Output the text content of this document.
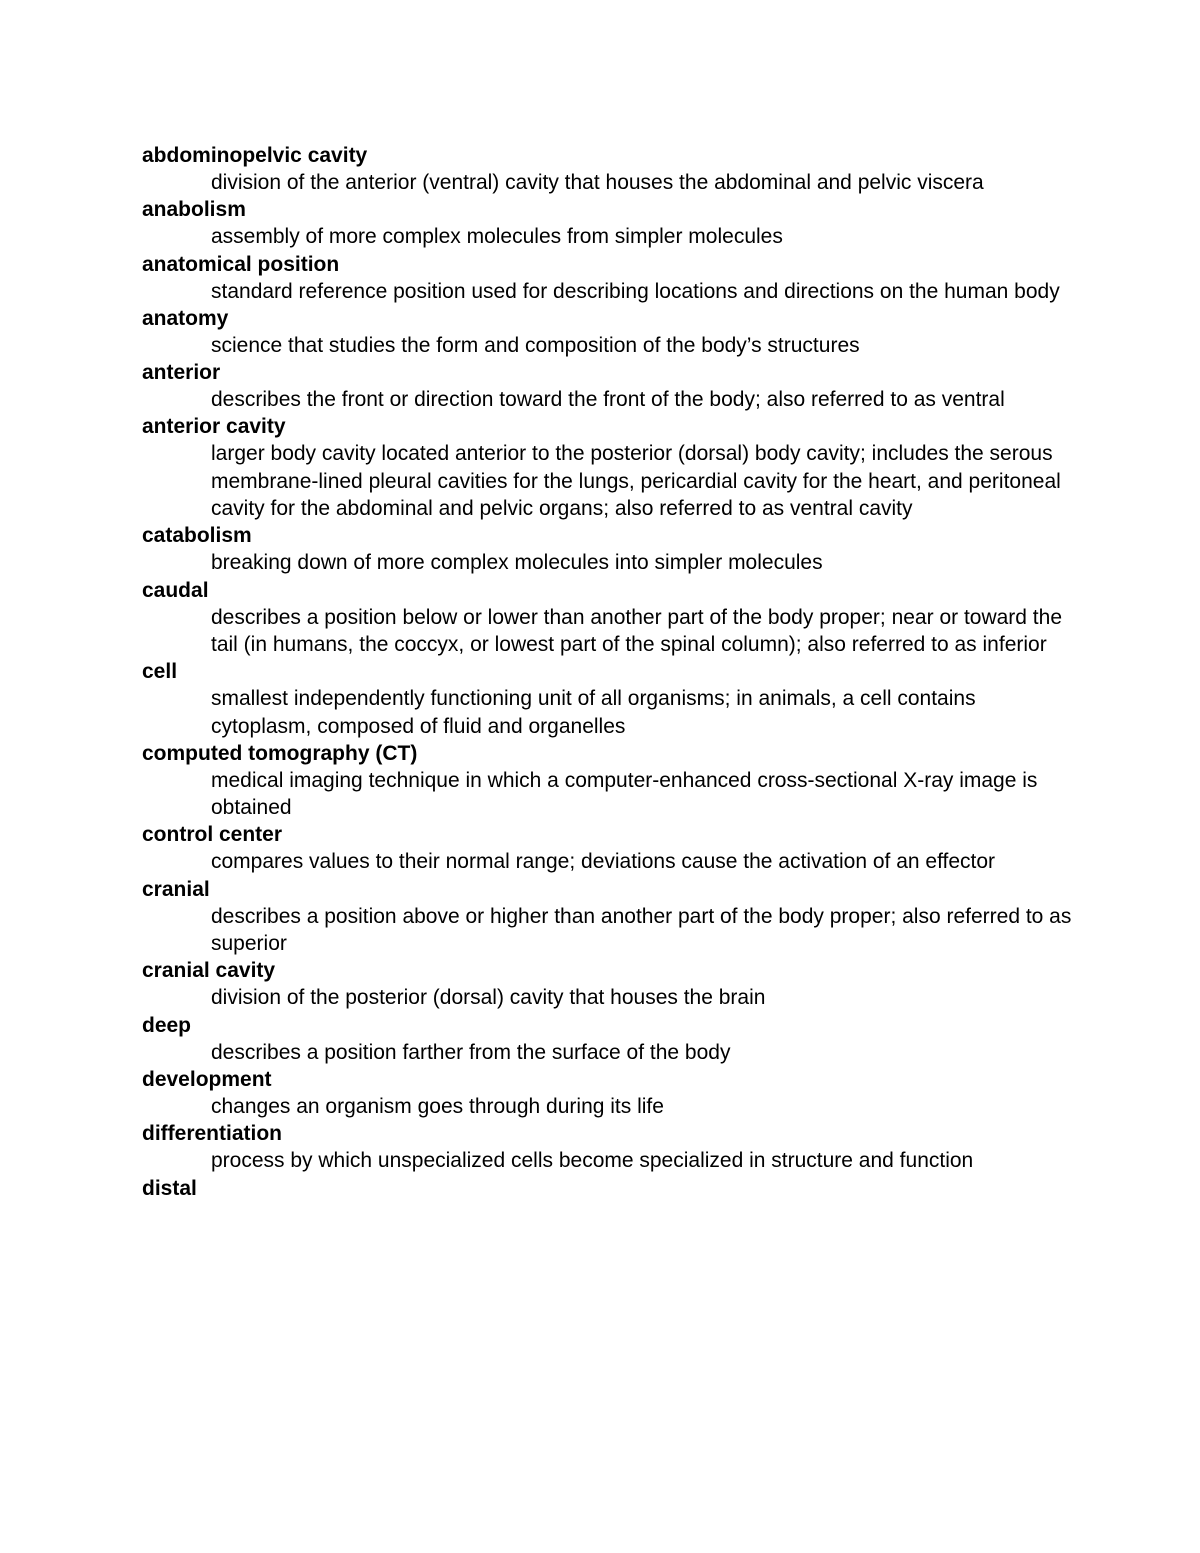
abdominopelvic cavity

division of the anterior (ventral) cavity that houses the abdominal and pelvic viscera

anabolism

assembly of more complex molecules from simpler molecules

anatomical position

standard reference position used for describing locations and directions on the human body

anatomy

science that studies the form and composition of the body’s structures

anterior

describes the front or direction toward the front of the body; also referred to as ventral

anterior cavity

larger body cavity located anterior to the posterior (dorsal) body cavity; includes the serous membrane-lined pleural cavities for the lungs, pericardial cavity for the heart, and peritoneal cavity for the abdominal and pelvic organs; also referred to as ventral cavity

catabolism

breaking down of more complex molecules into simpler molecules

caudal

describes a position below or lower than another part of the body proper; near or toward the tail (in humans, the coccyx, or lowest part of the spinal column); also referred to as inferior

cell

smallest independently functioning unit of all organisms; in animals, a cell contains cytoplasm, composed of fluid and organelles

computed tomography (CT)

medical imaging technique in which a computer-enhanced cross-sectional X-ray image is obtained

control center

compares values to their normal range; deviations cause the activation of an effector

cranial

describes a position above or higher than another part of the body proper; also referred to as superior

cranial cavity

division of the posterior (dorsal) cavity that houses the brain

deep

describes a position farther from the surface of the body

development

changes an organism goes through during its life

differentiation

process by which unspecialized cells become specialized in structure and function

distal
